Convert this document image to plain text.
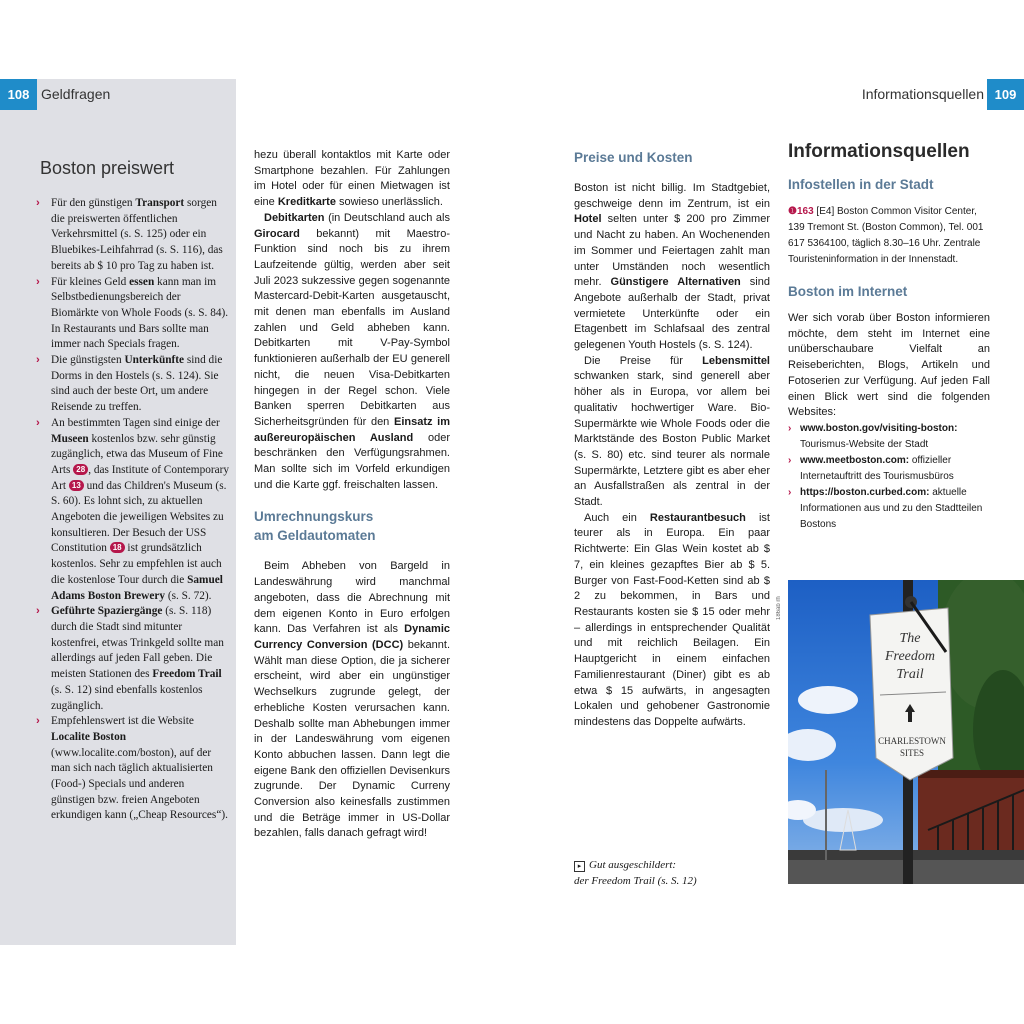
108 Geldfragen
Boston preiswert
› Für den günstigen Transport sorgen die preiswerten öffentlichen Verkehrsmittel (s. S. 125) oder ein Bluebikes-Leihfahrrad (s. S. 116), das bereits ab $ 10 pro Tag zu haben ist.
› Für kleines Geld essen kann man im Selbstbedienungsbereich der Biomärkte von Whole Foods (s. S. 84). In Restaurants und Bars sollte man immer nach Specials fragen.
› Die günstigsten Unterkünfte sind die Dorms in den Hostels (s. S. 124). Sie sind auch der beste Ort, um andere Reisende zu treffen.
› An bestimmten Tagen sind einige der Museen kostenlos bzw. sehr günstig zugänglich, etwa das Museum of Fine Arts 28 , das Institute of Contemporary Art 13 und das Children's Museum (s. S. 60). Es lohnt sich, zu aktuellen Angeboten die jeweiligen Websites zu konsultieren. Der Besuch der USS Constitution 18 ist grundsätzlich kostenlos. Sehr zu empfehlen ist auch die kostenlose Tour durch die Samuel Adams Boston Brewery (s. S. 72).
› Geführte Spaziergänge (s. S. 118) durch die Stadt sind mitunter kostenfrei, etwas Trinkgeld sollte man allerdings auf jeden Fall geben. Die meisten Stationen des Freedom Trail (s. S. 12) sind ebenfalls kostenlos zugänglich.
› Empfehlenswert ist die Website Localite Boston (www.localite.com/boston), auf der man sich nach täglich aktualisierten (Food-) Specials und anderen günstigen bzw. freien Angeboten erkundigen kann („Cheap Resources“).

hezu überall kontaktlos mit Karte oder Smartphone bezahlen. Für Zahlungen im Hotel oder für einen Mietwagen ist eine Kreditkarte sowieso unerlässlich.

Debitkarten (in Deutschland auch als Girocard bekannt) mit Maestro-Funktion sind noch bis zu ihrem Laufzeitende gültig, werden aber seit Juli 2023 sukzessive gegen sogenannte Mastercard-Debit-Karten ausgetauscht, mit denen man ebenfalls im Ausland zahlen und Geld abheben kann. Debitkarten mit V-Pay-Symbol funktionieren außerhalb der EU generell nicht, die neuen Visa-Debitkarten hingegen in der Regel schon. Viele Banken sperren Debitkarten aus Sicherheitsgründen für den Einsatz im außereuropäischen Ausland oder beschränken den Verfügungsrahmen. Man sollte sich im Vorfeld erkundigen und die Karte ggf. freischalten lassen.

Umrechnungskurs am Geldautomaten

Beim Abheben von Bargeld in Landeswährung wird manchmal angeboten, dass die Abrechnung mit dem eigenen Konto in Euro erfolgen kann. Das Verfahren ist als Dynamic Currency Conversion (DCC) bekannt. Wählt man diese Option, die ja sicherer erscheint, wird aber ein ungünstiger Wechselkurs zugrunde gelegt, der erhebliche Kosten verursachen kann. Deshalb sollte man Abhebungen immer in der Landeswährung vom eigenen Konto abbuchen lassen. Dann legt die eigene Bank den offiziellen Devisenkurs zugrunde. Der Dynamic Curreny Conversion also keinesfalls zustimmen und die Beträge immer in US-Dollar bezahlen, falls danach gefragt wird!

Informationsquellen 109
Preise und Kosten

Boston ist nicht billig. Im Stadtgebiet, geschweige denn im Zentrum, ist ein Hotel selten unter $ 200 pro Zimmer und Nacht zu haben. An Wochenenden im Sommer und Feiertagen zahlt man unter Umständen noch wesentlich mehr. Günstigere Alternativen sind Angebote außerhalb der Stadt, privat vermietete Unterkünfte oder ein Etagenbett im Schlafsaal des zentral gelegenen Youth Hostels (s. S. 124).

Die Preise für Lebensmittel schwanken stark, sind generell aber höher als in Europa, vor allem bei qualitativ hochwertiger Ware. Bio-Supermärkte wie Whole Foods oder die Marktstände des Boston Public Market (s. S. 80) etc. sind teurer als normale Supermärkte, Letztere gibt es aber eher an Ausfallstraßen als zentral in der Stadt.

Auch ein Restaurantbesuch ist teurer als in Europa. Ein paar Richtwerte: Ein Glas Wein kostet ab $ 7, ein kleines gezapftes Bier ab $ 5. Burger von Fast-Food-Ketten sind ab $ 2 zu bekommen, in Bars und Restaurants kosten sie $ 15 oder mehr – allerdings in entsprechender Qualität und mit reichlich Beilagen. Ein Hauptgericht in einem einfachen Familienrestaurant (Diner) gibt es ab etwa $ 15 aufwärts, in angesagten Lokalen und gehobener Gastronomie mindestens das Doppelte aufwärts.

▸ Gut ausgeschildert:
der Freedom Trail (s. S. 12)
Informationsquellen
Infostellen in der Stadt
❶163 [E4] Boston Common Visitor Center, 139 Tremont St. (Boston Common), Tel. 001 617 5364100, täglich 8.30–16 Uhr. Zentrale Touristeninformation in der Innenstadt.
Boston im Internet

Wer sich vorab über Boston informieren möchte, dem steht im Internet eine unüberschaubare Vielfalt an Reiseberichten, Blogs, Artikeln und Fotoserien zur Verfügung. Auf jeden Fall einen Blick wert sind die folgenden Websites:

› www.boston.gov/visiting-boston: Tourismus-Website der Stadt
› www.meetboston.com: offizieller Internetauftritt des Tourismusbüros
› https://boston.curbed.com: aktuelle Informationen aus und zu den Stadtteilen Bostons
186ab rh
The
Freedom
Trail
CHARLESTOWN
SITES
